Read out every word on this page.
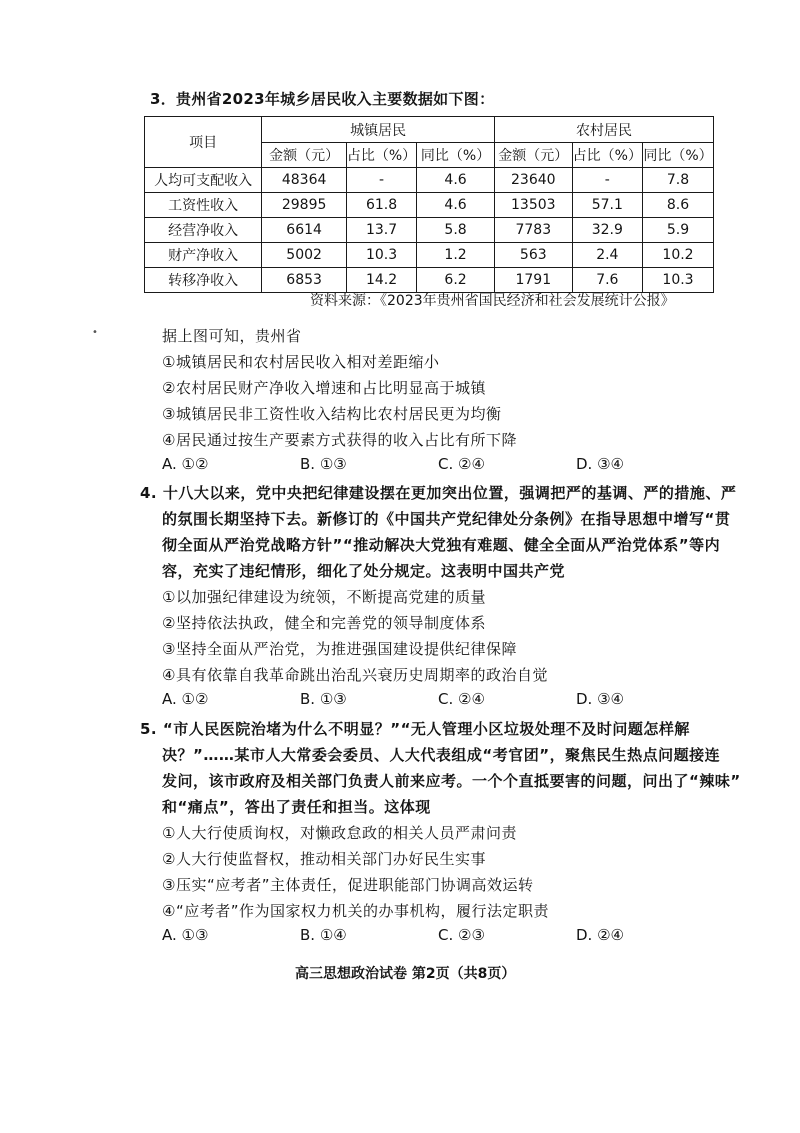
3．贵州省2023年城乡居民收入主要数据如下图：
项目	城镇居民			农村居民		
	金额（元）	占比（%）	同比（%）	金额（元）	占比（%）	同比（%）
人均可支配收入	48364	-	4.6	23640	-	7.8
工资性收入	29895	61.8	4.6	13503	57.1	8.6
经营净收入	6614	13.7	5.8	7783	32.9	5.9
财产净收入	5002	10.3	1.2	563	2.4	10.2
转移净收入	6853	14.2	6.2	1791	7.6	10.3
资料来源：《2023年贵州省国民经济和社会发展统计公报》
•	据上图可知，贵州省
①城镇居民和农村居民收入相对差距缩小
②农村居民财产净收入增速和占比明显高于城镇
③城镇居民非工资性收入结构比农村居民更为均衡
④居民通过按生产要素方式获得的收入占比有所下降
A. ①②	B. ①③	C. ②④	D. ③④
4. 十八大以来，党中央把纪律建设摆在更加突出位置，强调把严的基调、严的措施、严
的氛围长期坚持下去。新修订的《中国共产党纪律处分条例》在指导思想中增写“贯
彻全面从严治党战略方针”“推动解决大党独有难题、健全全面从严治党体系”等内
容，充实了违纪情形，细化了处分规定。这表明中国共产党
①以加强纪律建设为统领，不断提高党建的质量
②坚持依法执政，健全和完善党的领导制度体系
③坚持全面从严治党，为推进强国建设提供纪律保障
④具有依靠自我革命跳出治乱兴衰历史周期率的政治自觉
A. ①②	B. ①③	C. ②④	D. ③④
5. “市人民医院治堵为什么不明显？”“无人管理小区垃圾处理不及时问题怎样解
决？”……某市人大常委会委员、人大代表组成“考官团”，聚焦民生热点问题接连
发问，该市政府及相关部门负责人前来应考。一个个直抵要害的问题，问出了“辣味”
和“痛点”，答出了责任和担当。这体现
①人大行使质询权，对懒政怠政的相关人员严肃问责
②人大行使监督权，推动相关部门办好民生实事
③压实“应考者”主体责任，促进职能部门协调高效运转
④“应考者”作为国家权力机关的办事机构，履行法定职责
A. ①③	B. ①④	C. ②③	D. ②④
高三思想政治试卷 第2页（共8页）
